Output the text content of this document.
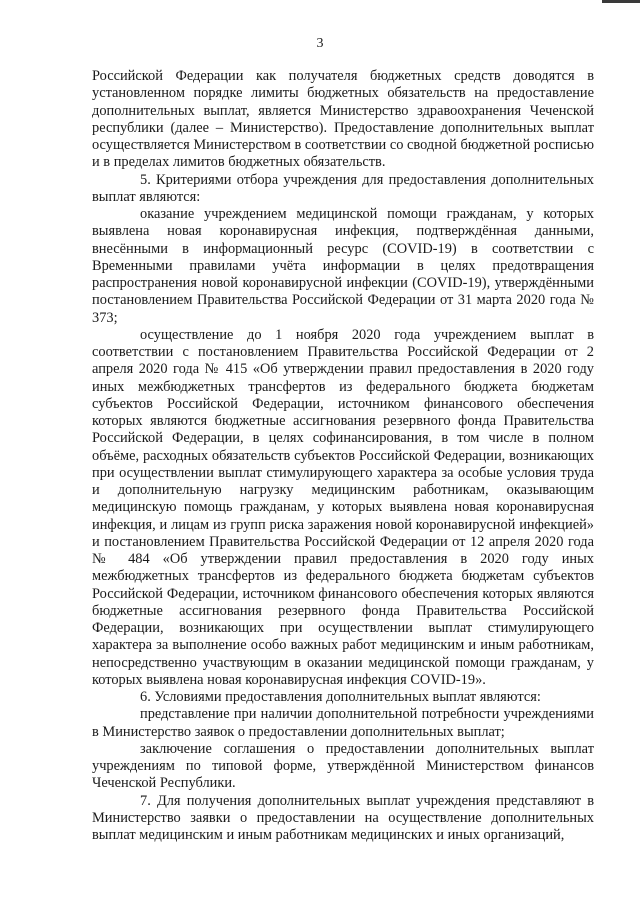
3

Российской Федерации как получателя бюджетных средств доводятся в установленном порядке лимиты бюджетных обязательств на предоставление дополнительных выплат, является Министерство здравоохранения Чеченской республики (далее – Министерство). Предоставление дополнительных выплат осуществляется Министерством в соответствии со сводной бюджетной росписью и в пределах лимитов бюджетных обязательств.

5. Критериями отбора учреждения для предоставления дополнительных выплат являются:

оказание учреждением медицинской помощи гражданам, у которых выявлена новая коронавирусная инфекция, подтверждённая данными, внесёнными в информационный ресурс (COVID-19) в соответствии с Временными правилами учёта информации в целях предотвращения распространения новой коронавирусной инфекции (COVID-19), утверждёнными постановлением Правительства Российской Федерации от 31 марта 2020 года № 373;

осуществление до 1 ноября 2020 года учреждением выплат в соответствии с постановлением Правительства Российской Федерации от 2 апреля 2020 года № 415 «Об утверждении правил предоставления в 2020 году иных межбюджетных трансфертов из федерального бюджета бюджетам субъектов Российской Федерации, источником финансового обеспечения которых являются бюджетные ассигнования резервного фонда Правительства Российской Федерации, в целях софинансирования, в том числе в полном объёме, расходных обязательств субъектов Российской Федерации, возникающих при осуществлении выплат стимулирующего характера за особые условия труда и дополнительную нагрузку медицинским работникам, оказывающим медицинскую помощь гражданам, у которых выявлена новая коронавирусная инфекция, и лицам из групп риска заражения новой коронавирусной инфекцией» и постановлением Правительства Российской Федерации от 12 апреля 2020 года № 484 «Об утверждении правил предоставления в 2020 году иных межбюджетных трансфертов из федерального бюджета бюджетам субъектов Российской Федерации, источником финансового обеспечения которых являются бюджетные ассигнования резервного фонда Правительства Российской Федерации, возникающих при осуществлении выплат стимулирующего характера за выполнение особо важных работ медицинским и иным работникам, непосредственно участвующим в оказании медицинской помощи гражданам, у которых выявлена новая коронавирусная инфекция COVID-19».

6. Условиями предоставления дополнительных выплат являются:

представление при наличии дополнительной потребности учреждениями в Министерство заявок о предоставлении дополнительных выплат;

заключение соглашения о предоставлении дополнительных выплат учреждениям по типовой форме, утверждённой Министерством финансов Чеченской Республики.

7. Для получения дополнительных выплат учреждения представляют в Министерство заявки о предоставлении на осуществление дополнительных выплат медицинским и иным работникам медицинских и иных организаций,
